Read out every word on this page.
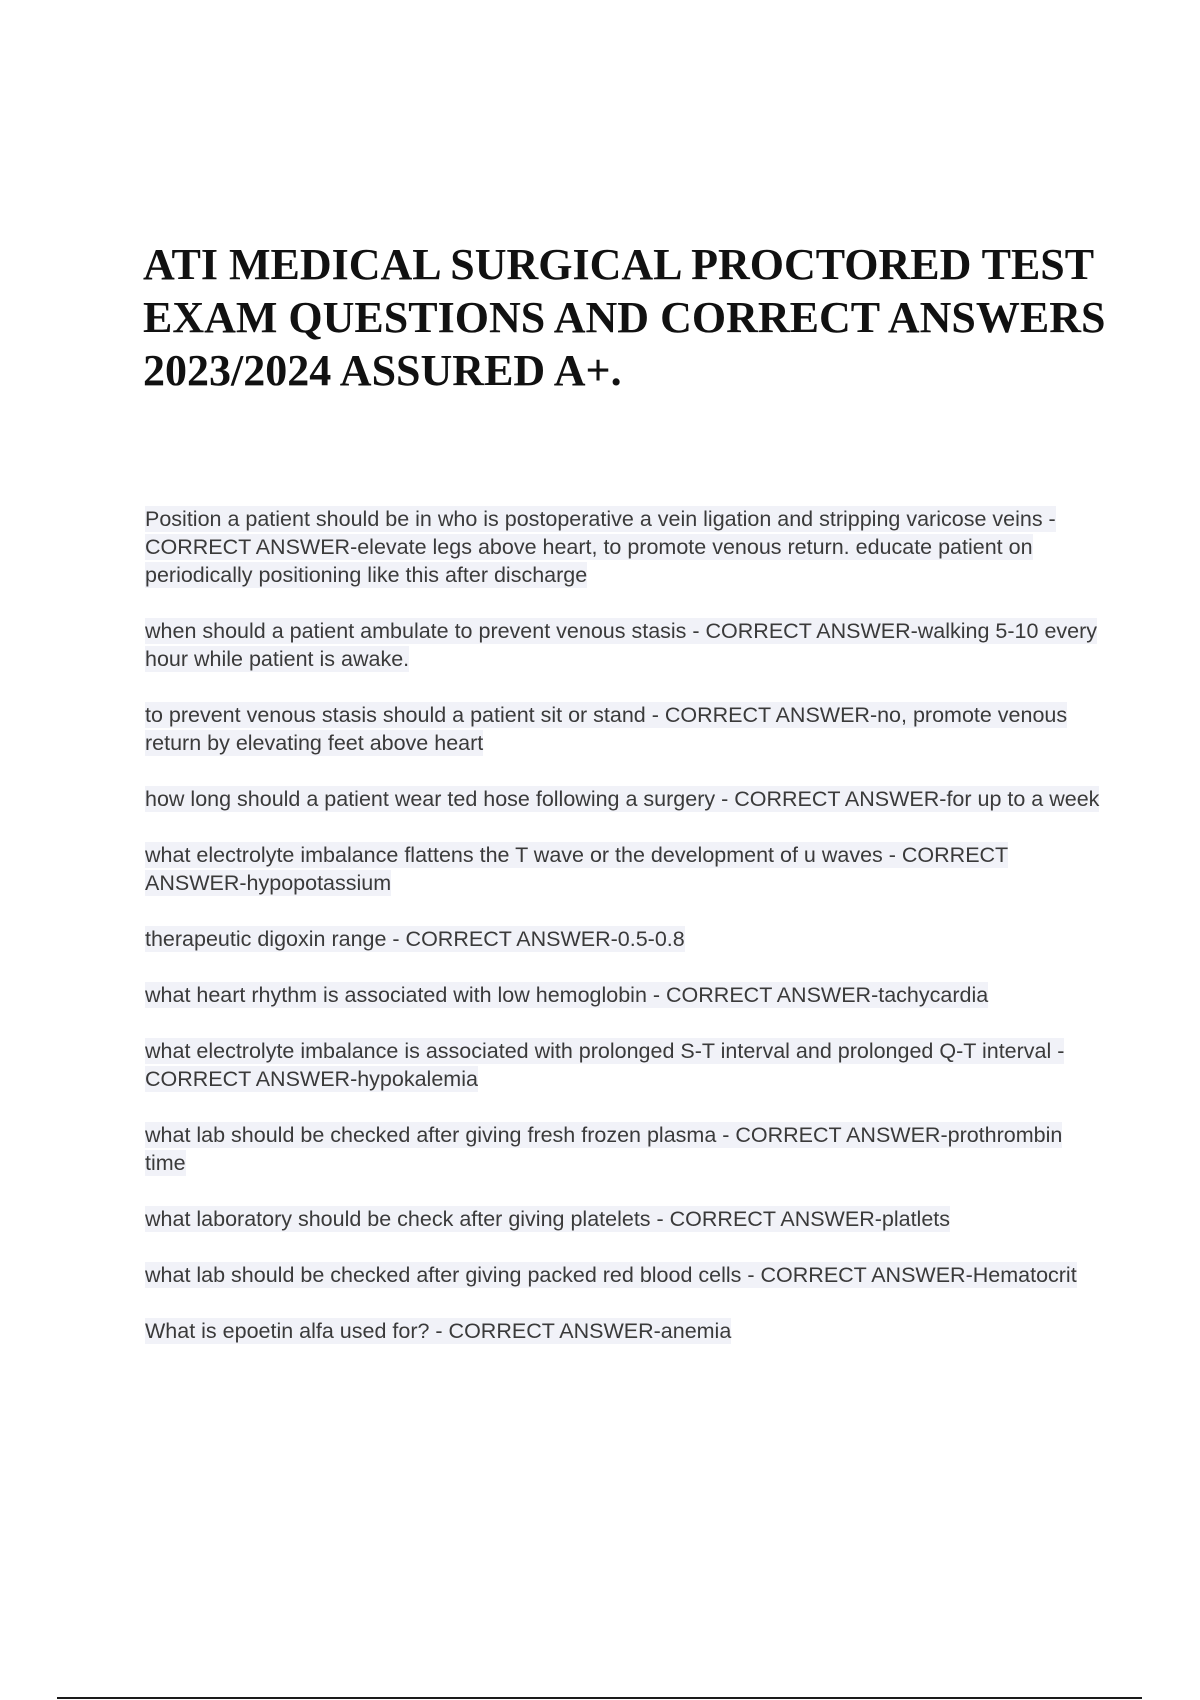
ATI MEDICAL SURGICAL PROCTORED TEST
EXAM QUESTIONS AND CORRECT ANSWERS
2023/2024 ASSURED A+.
Position a patient should be in who is postoperative a vein ligation and stripping varicose veins - CORRECT ANSWER-elevate legs above heart, to promote venous return. educate patient on periodically positioning like this after discharge
when should a patient ambulate to prevent venous stasis - CORRECT ANSWER-walking 5-10 every hour while patient is awake.
to prevent venous stasis should a patient sit or stand - CORRECT ANSWER-no, promote venous return by elevating feet above heart
how long should a patient wear ted hose following a surgery - CORRECT ANSWER-for up to a week
what electrolyte imbalance flattens the T wave or the development of u waves - CORRECT ANSWER-hypopotassium
therapeutic digoxin range - CORRECT ANSWER-0.5-0.8
what heart rhythm is associated with low hemoglobin - CORRECT ANSWER-tachycardia
what electrolyte imbalance is associated with prolonged S-T interval and prolonged Q-T interval - CORRECT ANSWER-hypokalemia
what lab should be checked after giving fresh frozen plasma - CORRECT ANSWER-prothrombin time
what laboratory should be check after giving platelets - CORRECT ANSWER-platlets
what lab should be checked after giving packed red blood cells - CORRECT ANSWER-Hematocrit
What is epoetin alfa used for? - CORRECT ANSWER-anemia
